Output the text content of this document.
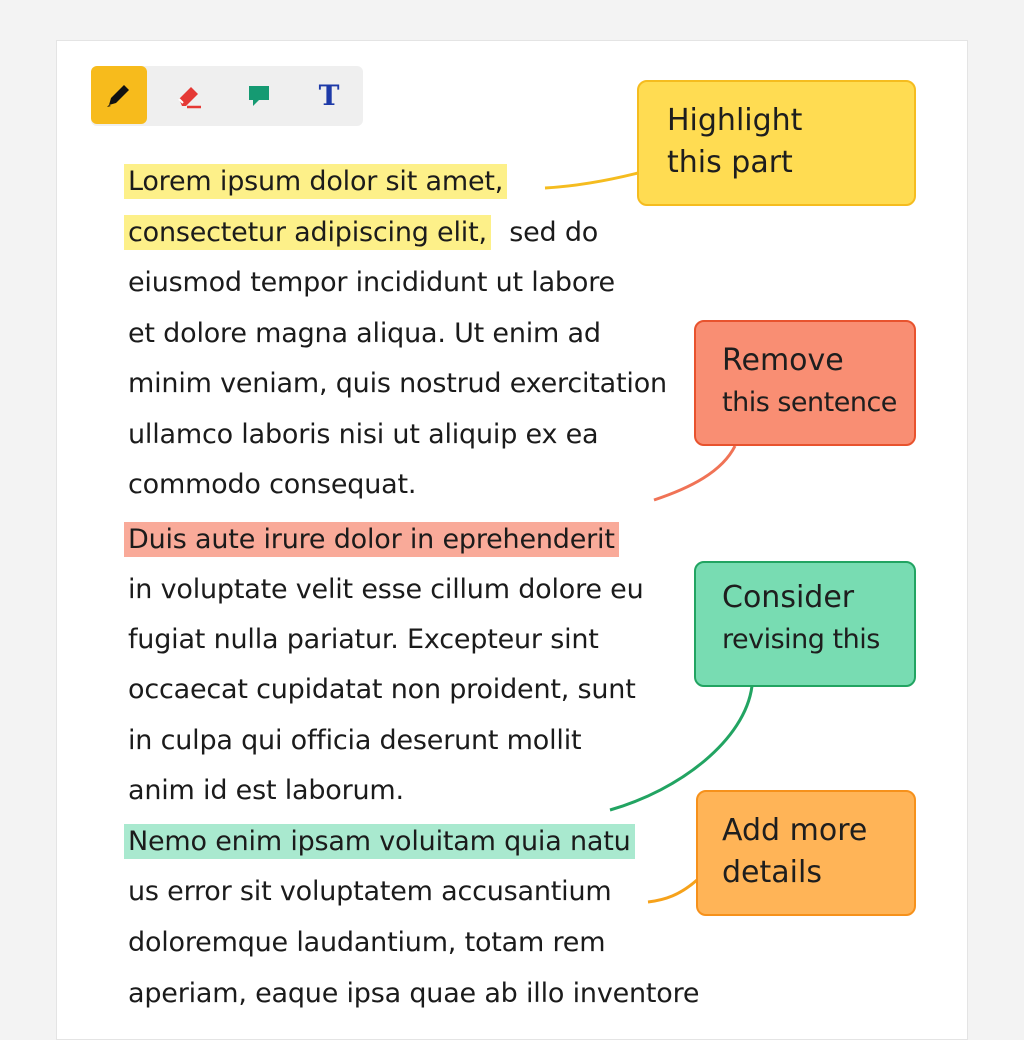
T
Lorem ipsum dolor sit amet,
consectetur adipiscing elit, sed do
eiusmod tempor incididunt ut labore
et dolore magna aliqua. Ut enim ad
minim veniam, quis nostrud exercitation
ullamco laboris nisi ut aliquip ex ea
commodo consequat.
Duis aute irure dolor in eprehenderit
in voluptate velit esse cillum dolore eu
fugiat nulla pariatur. Excepteur sint
occaecat cupidatat non proident, sunt
in culpa qui officia deserunt mollit
anim id est laborum.
Nemo enim ipsam voluitam quia natu
us error sit voluptatem accusantium
doloremque laudantium, totam rem
aperiam, eaque ipsa quae ab illo inventore
Highlight
this part
Remove
this sentence
Consider
revising this
Add more
details
